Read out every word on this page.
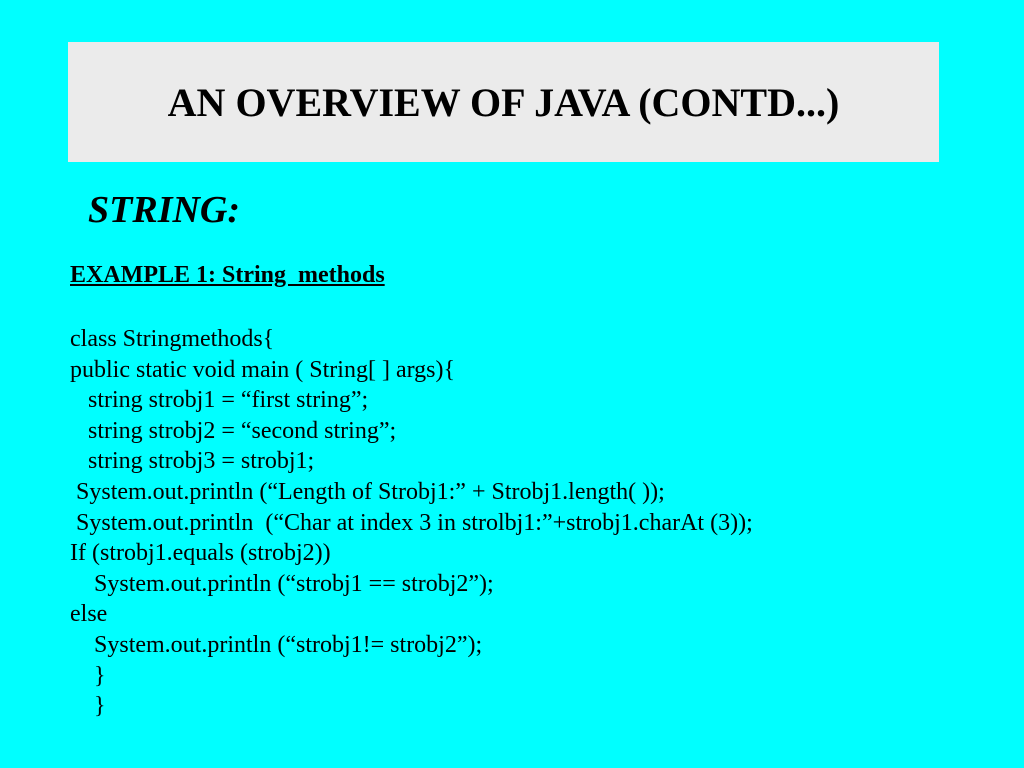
AN OVERVIEW OF JAVA (CONTD...)
STRING:
EXAMPLE 1: String  methods
class Stringmethods{
public static void main ( String[ ] args){
string strobj1 = “first string”;
string strobj2 = “second string”;
string strobj3 = strobj1;
System.out.println (“Length of Strobj1:” + Strobj1.length( ));
System.out.println  (“Char at index 3 in strolbj1:”+strobj1.charAt (3));
If (strobj1.equals (strobj2))
System.out.println (“strobj1 == strobj2”);
else
System.out.println (“strobj1!= strobj2”);
}
}
